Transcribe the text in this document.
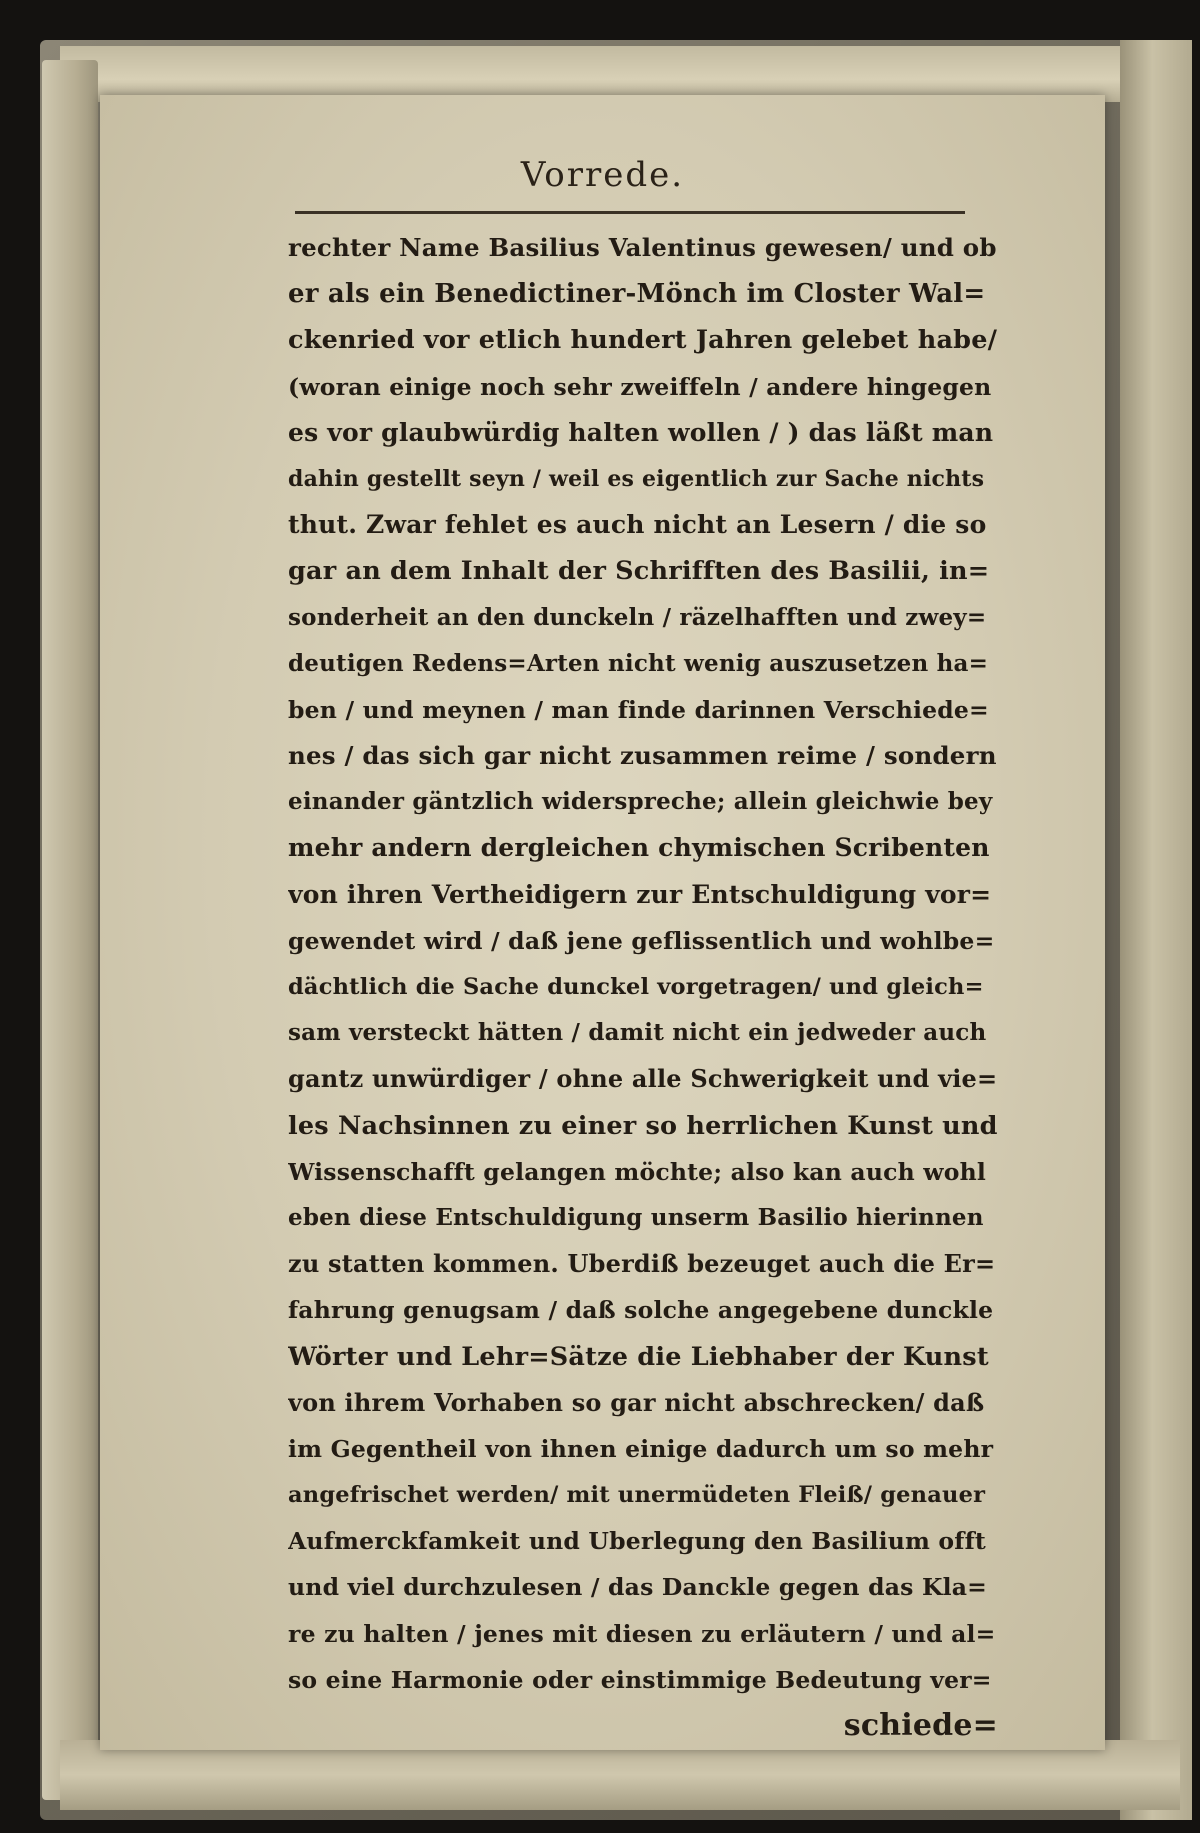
Vorrede.
rechter Name Basilius Valentinus gewesen/ und ob
er als ein Benedictiner-Mönch im Closter Wal=
ckenried vor etlich hundert Jahren gelebet habe/
(woran einige noch sehr zweiffeln / andere hingegen
es vor glaubwürdig halten wollen / ) das läßt man
dahin gestellt seyn / weil es eigentlich zur Sache nichts
thut. Zwar fehlet es auch nicht an Lesern / die so
gar an dem Inhalt der Schrifften des Basilii, in=
sonderheit an den dunckeln / räzelhafften und zwey=
deutigen Redens=Arten nicht wenig auszusetzen ha=
ben / und meynen / man finde darinnen Verschiede=
nes / das sich gar nicht zusammen reime / sondern
einander gäntzlich widerspreche; allein gleichwie bey
mehr andern dergleichen chymischen Scribenten
von ihren Vertheidigern zur Entschuldigung vor=
gewendet wird / daß jene geflissentlich und wohlbe=
dächtlich die Sache dunckel vorgetragen/ und gleich=
sam versteckt hätten / damit nicht ein jedweder auch
gantz unwürdiger / ohne alle Schwerigkeit und vie=
les Nachsinnen zu einer so herrlichen Kunst und
Wissenschafft gelangen möchte; also kan auch wohl
eben diese Entschuldigung unserm Basilio hierinnen
zu statten kommen. Uberdiß bezeuget auch die Er=
fahrung genugsam / daß solche angegebene dunckle
Wörter und Lehr=Sätze die Liebhaber der Kunst
von ihrem Vorhaben so gar nicht abschrecken/ daß
im Gegentheil von ihnen einige dadurch um so mehr
angefrischet werden/ mit unermüdeten Fleiß/ genauer
Aufmerckfamkeit und Uberlegung den Basilium offt
und viel durchzulesen / das Danckle gegen das Kla=
re zu halten / jenes mit diesen zu erläutern / und al=
so eine Harmonie oder einstimmige Bedeutung ver=
schiede=
